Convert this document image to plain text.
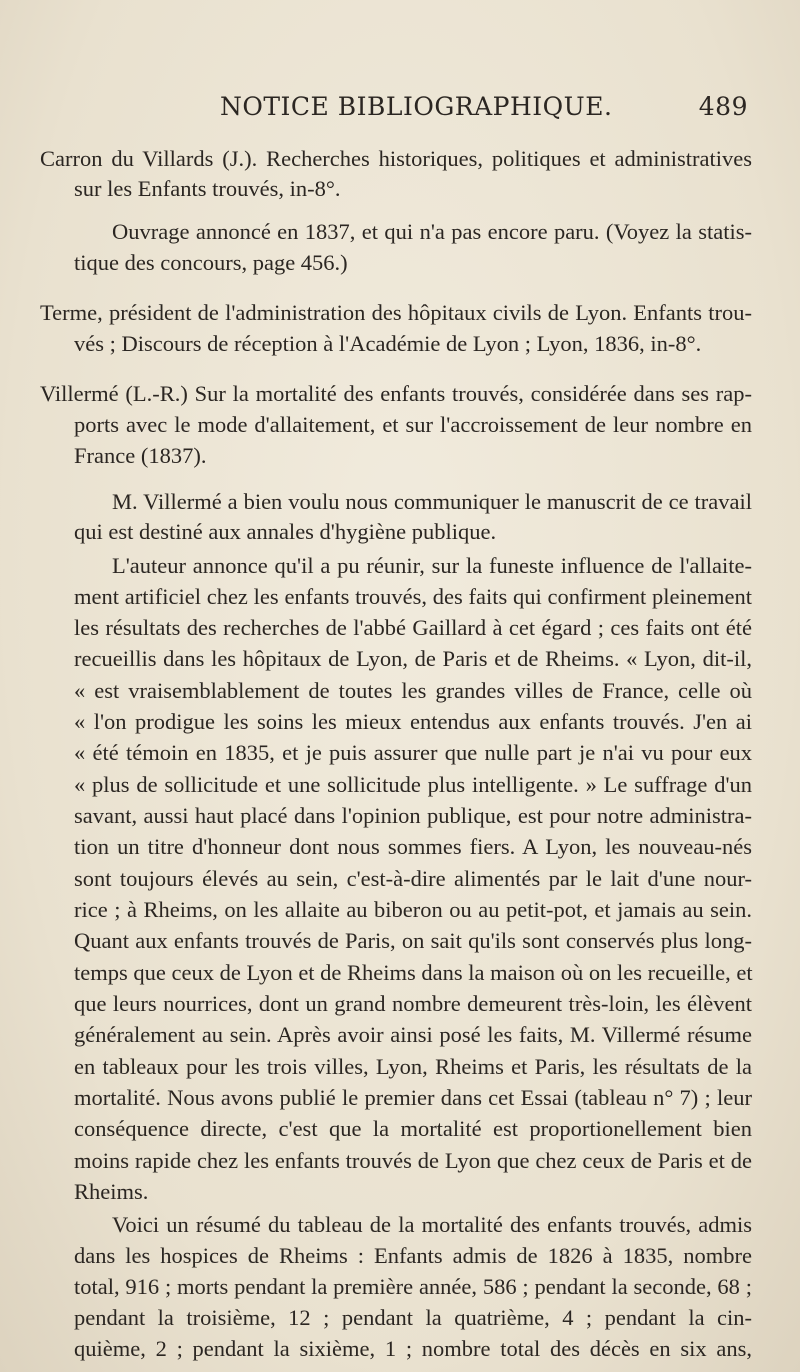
NOTICE BIBLIOGRAPHIQUE.	489
Carron du Villards (J.). Recherches historiques, politiques et administratives
sur les Enfants trouvés, in-8°.
Ouvrage annoncé en 1837, et qui n'a pas encore paru. (Voyez la statis-
tique des concours, page 456.)
Terme, président de l'administration des hôpitaux civils de Lyon. Enfants trou-
vés ; Discours de réception à l'Académie de Lyon ; Lyon, 1836, in-8°.
Villermé (L.-R.) Sur la mortalité des enfants trouvés, considérée dans ses rap-
ports avec le mode d'allaitement, et sur l'accroissement de leur nombre en
France (1837).
M. Villermé a bien voulu nous communiquer le manuscrit de ce travail
qui est destiné aux annales d'hygiène publique.
L'auteur annonce qu'il a pu réunir, sur la funeste influence de l'allaite-
ment artificiel chez les enfants trouvés, des faits qui confirment pleinement
les résultats des recherches de l'abbé Gaillard à cet égard ; ces faits ont été
recueillis dans les hôpitaux de Lyon, de Paris et de Rheims. « Lyon, dit-il,
« est vraisemblablement de toutes les grandes villes de France, celle où
« l'on prodigue les soins les mieux entendus aux enfants trouvés. J'en ai
« été témoin en 1835, et je puis assurer que nulle part je n'ai vu pour eux
« plus de sollicitude et une sollicitude plus intelligente. » Le suffrage d'un
savant, aussi haut placé dans l'opinion publique, est pour notre administra-
tion un titre d'honneur dont nous sommes fiers. A Lyon, les nouveau-nés
sont toujours élevés au sein, c'est-à-dire alimentés par le lait d'une nour-
rice ; à Rheims, on les allaite au biberon ou au petit-pot, et jamais au sein.
Quant aux enfants trouvés de Paris, on sait qu'ils sont conservés plus long-
temps que ceux de Lyon et de Rheims dans la maison où on les recueille, et
que leurs nourrices, dont un grand nombre demeurent très-loin, les élèvent
généralement au sein. Après avoir ainsi posé les faits, M. Villermé résume
en tableaux pour les trois villes, Lyon, Rheims et Paris, les résultats de la
mortalité. Nous avons publié le premier dans cet Essai (tableau n° 7) ; leur
conséquence directe, c'est que la mortalité est proportionellement bien
moins rapide chez les enfants trouvés de Lyon que chez ceux de Paris et de
Rheims.
Voici un résumé du tableau de la mortalité des enfants trouvés, admis
dans les hospices de Rheims : Enfants admis de 1826 à 1835, nombre
total, 916 ; morts pendant la première année, 586 ; pendant la seconde, 68 ;
pendant la troisième, 12 ; pendant la quatrième, 4 ; pendant la cin-
quième, 2 ; pendant la sixième, 1 ; nombre total des décès en six ans,
